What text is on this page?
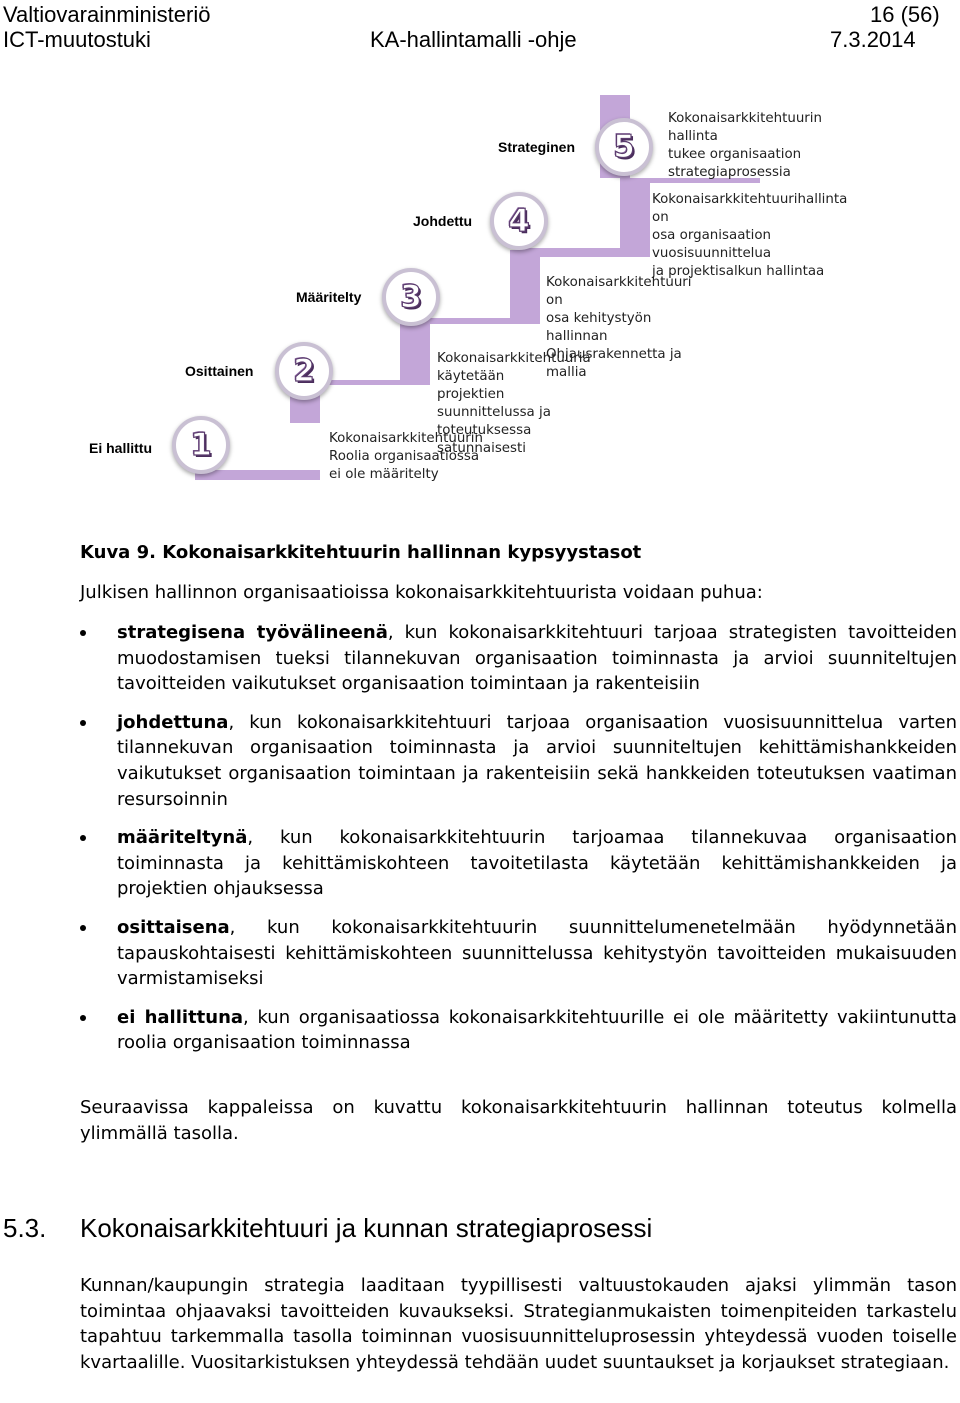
Valtiovarainministeriö	16 (56)
ICT-muutostuki	KA-hallintamalli -ohje	7.3.2014
Ei hallittu	1	Kokonaisarkkitehtuurin
Roolia organisaatiossa
ei ole määritelty
Osittainen	2	Kokonaisarkkitehtuuria käytetään
projektien suunnittelussa ja toteutuksessa
satunnaisesti
Määritelty	3	Kokonaisarkkitehtuuri on
osa kehitystyön hallinnan
Ohjausrakennetta ja mallia
Johdettu	4
Kokonaisarkkitehtuurihallinta on
osa organisaation vuosisuunnittelua
ja projektisalkun hallintaa
Strateginen	5
Kokonaisarkkitehtuurin hallinta
tukee organisaation
strategiaprosessia
Kuva 9. Kokonaisarkkitehtuurin hallinnan kypsyystasot

Julkisen hallinnon organisaatioissa kokonaisarkkitehtuurista voidaan puhua:

strategisena työvälineenä, kun kokonaisarkkitehtuuri tarjoaa strategisten tavoitteiden muodostamisen tueksi tilannekuvan organisaation toiminnasta ja arvioi suunniteltujen tavoitteiden vaikutukset organisaation toimintaan ja rakenteisiin
johdettuna, kun kokonaisarkkitehtuuri tarjoaa organisaation vuosisuunnittelua varten tilannekuvan organisaation toiminnasta ja arvioi suunniteltujen kehittämishankkeiden vaikutukset organisaation toimintaan ja rakenteisiin sekä hankkeiden toteutuksen vaatiman resursoinnin
määriteltynä, kun kokonaisarkkitehtuurin tarjoamaa tilannekuvaa organisaation toiminnasta ja kehittämiskohteen tavoitetilasta käytetään kehittämishankkeiden ja projektien ohjauksessa
osittaisena, kun kokonaisarkkitehtuurin suunnittelumenetelmään hyödynnetään tapauskohtaisesti kehittämiskohteen suunnittelussa kehitystyön tavoitteiden mukaisuuden varmistamiseksi
ei hallittuna, kun organisaatiossa kokonaisarkkitehtuurille ei ole määritetty vakiintunutta roolia organisaation toiminnassa

Seuraavissa kappaleissa on kuvattu kokonaisarkkitehtuurin hallinnan toteutus kolmella ylimmällä tasolla.

5.3. Kokonaisarkkitehtuuri ja kunnan strategiaprosessi

Kunnan/kaupungin strategia laaditaan tyypillisesti valtuustokauden ajaksi ylimmän tason toimintaa ohjaavaksi tavoitteiden kuvaukseksi. Strategianmukaisten toimenpiteiden tarkastelu tapahtuu tarkemmalla tasolla toiminnan vuosisuunnitteluprosessin yhteydessä vuoden toiselle kvartaalille. Vuositarkistuksen yhteydessä tehdään uudet suuntaukset ja korjaukset strategiaan.
